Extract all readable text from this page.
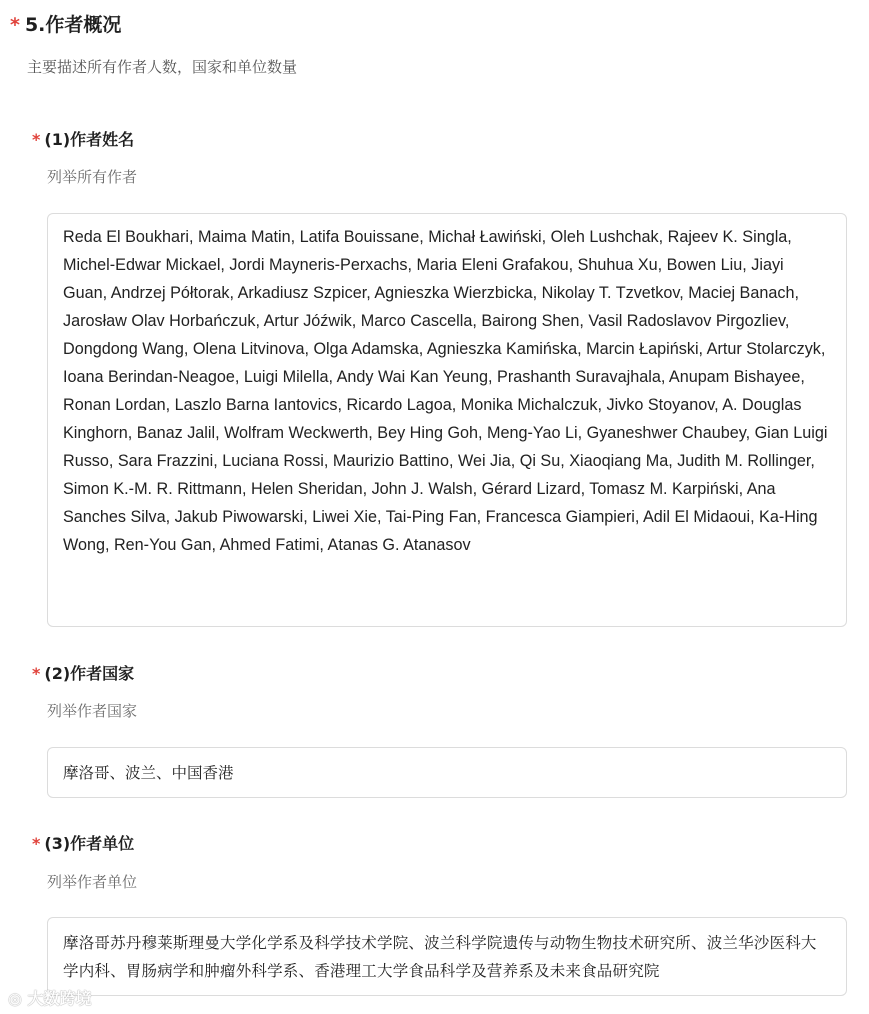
* 5.作者概况

主要描述所有作者人数，国家和单位数量

* (1)作者姓名

列举所有作者

Reda El Boukhari, Maima Matin, Latifa Bouissane, Michał Ławiński, Oleh Lushchak, Rajeev K. Singla, Michel-Edwar Mickael, Jordi Mayneris-Perxachs, Maria Eleni Grafakou, Shuhua Xu, Bowen Liu, Jiayi Guan, Andrzej Półtorak, Arkadiusz Szpicer, Agnieszka Wierzbicka, Nikolay T. Tzvetkov, Maciej Banach, Jarosław Olav Horbańczuk, Artur Jóźwik, Marco Cascella, Bairong Shen, Vasil Radoslavov Pirgozliev, Dongdong Wang, Olena Litvinova, Olga Adamska, Agnieszka Kamińska, Marcin Łapiński, Artur Stolarczyk, Ioana Berindan-Neagoe, Luigi Milella, Andy Wai Kan Yeung, Prashanth Suravajhala, Anupam Bishayee, Ronan Lordan, Laszlo Barna Iantovics, Ricardo Lagoa, Monika Michalczuk, Jivko Stoyanov, A. Douglas Kinghorn, Banaz Jalil, Wolfram Weckwerth, Bey Hing Goh, Meng-Yao Li, Gyaneshwer Chaubey, Gian Luigi Russo, Sara Frazzini, Luciana Rossi, Maurizio Battino, Wei Jia, Qi Su, Xiaoqiang Ma, Judith M. Rollinger, Simon K.-M. R. Rittmann, Helen Sheridan, John J. Walsh, Gérard Lizard, Tomasz M. Karpiński, Ana Sanches Silva, Jakub Piwowarski, Liwei Xie, Tai-Ping Fan, Francesca Giampieri, Adil El Midaoui, Ka-Hing Wong, Ren-You Gan, Ahmed Fatimi, Atanas G. Atanasov
* (2)作者国家

列举作者国家

摩洛哥、波兰、中国香港
* (3)作者单位

列举作者单位

摩洛哥苏丹穆莱斯理曼大学化学系及科学技术学院、波兰科学院遗传与动物生物技术研究所、波兰华沙医科大学内科、胃肠病学和肿瘤外科学系、香港理工大学食品科学及营养系及未来食品研究院
◎ 大数跨境
